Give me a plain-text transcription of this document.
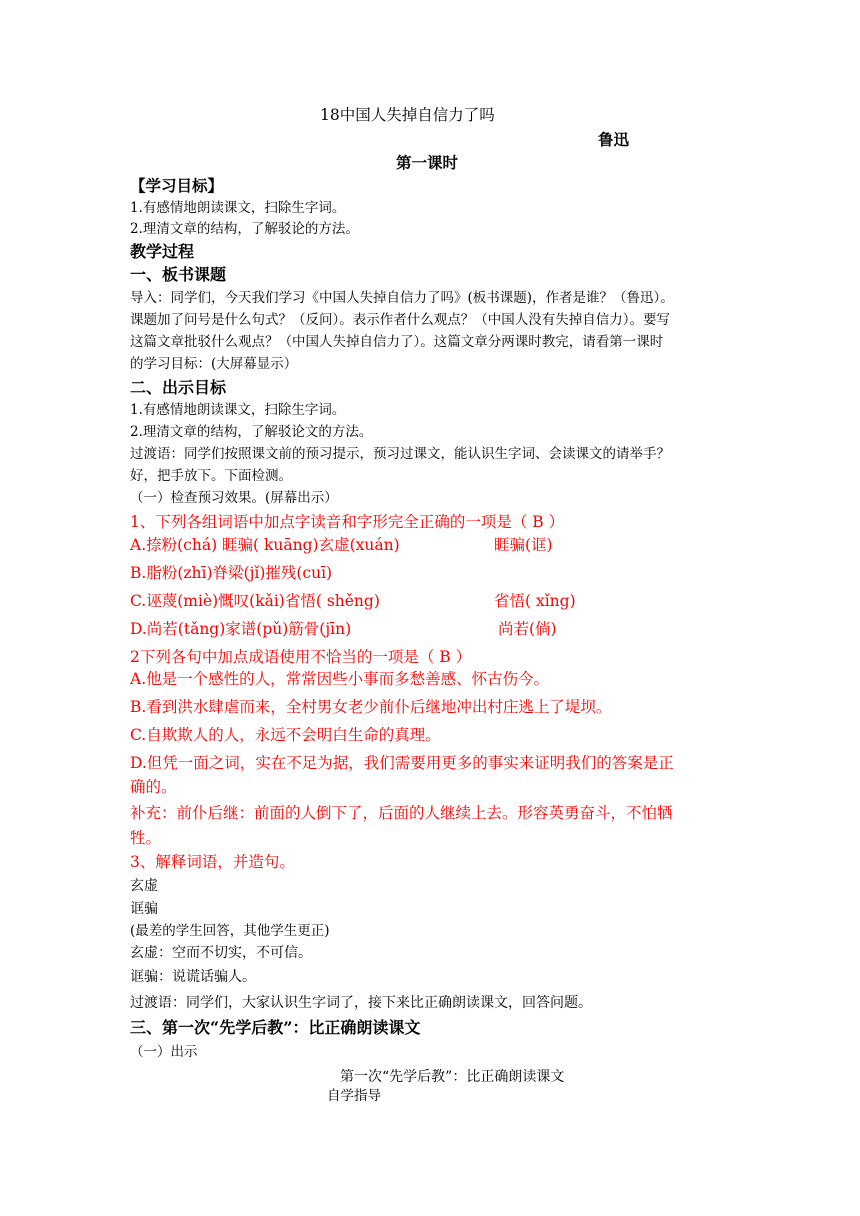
18中国人失掉自信力了吗
鲁迅
第一课时
【学习目标】
1.有感情地朗读课文，扫除生字词。
2.理清文章的结构，了解驳论的方法。
教学过程
一、板书课题
导入：同学们，今天我们学习《中国人失掉自信力了吗》(板书课题)，作者是谁？（鲁迅）。
课题加了问号是什么句式？（反问）。表示作者什么观点？（中国人没有失掉自信力）。要写
这篇文章批驳什么观点？（中国人失掉自信力了）。这篇文章分两课时教完，请看第一课时
的学习目标：(大屏幕显示）
二、出示目标
1.有感情地朗读课文，扫除生字词。
2.理清文章的结构，了解驳论文的方法。
过渡语：同学们按照课文前的预习提示，预习过课文，能认识生字词、会读课文的请举手？
好，把手放下。下面检测。
（一）检查预习效果。(屏幕出示）
1、下列各组词语中加点字读音和字形完全正确的一项是（ B ）
A.捺粉(chá) 睚骗( kuāng)玄虚(xuán)	睚骗(诓)
B.脂粉(zhī)脊梁(jǐ)摧残(cuī)
C.诬蔑(miè)慨叹(kǎi)省悟( shěng)	省悟( xǐng)
D.尚若(tǎng)家谱(pǔ)筋骨(jīn)	尚若(倘)
2下列各句中加点成语使用不恰当的一项是（ B ）
A.他是一个感性的人，常常因些小事而多愁善感、怀古伤今。
B.看到洪水肆虐而来，全村男女老少前仆后继地冲出村庄逃上了堤坝。
C.自欺欺人的人，永远不会明白生命的真理。
D.但凭一面之词，实在不足为据，我们需要用更多的事实来证明我们的答案是正
确的。
补充：前仆后继：前面的人倒下了，后面的人继续上去。形容英勇奋斗，不怕牺
牲。
3、解释词语，并造句。
玄虚
诓骗
(最差的学生回答，其他学生更正)
玄虚：空而不切实，不可信。
诓骗：说谎话骗人。
过渡语：同学们，大家认识生字词了，接下来比正确朗读课文，回答问题。
三、第一次“先学后教”：比正确朗读课文
（一）出示
第一次“先学后教”：比正确朗读课文
自学指导
